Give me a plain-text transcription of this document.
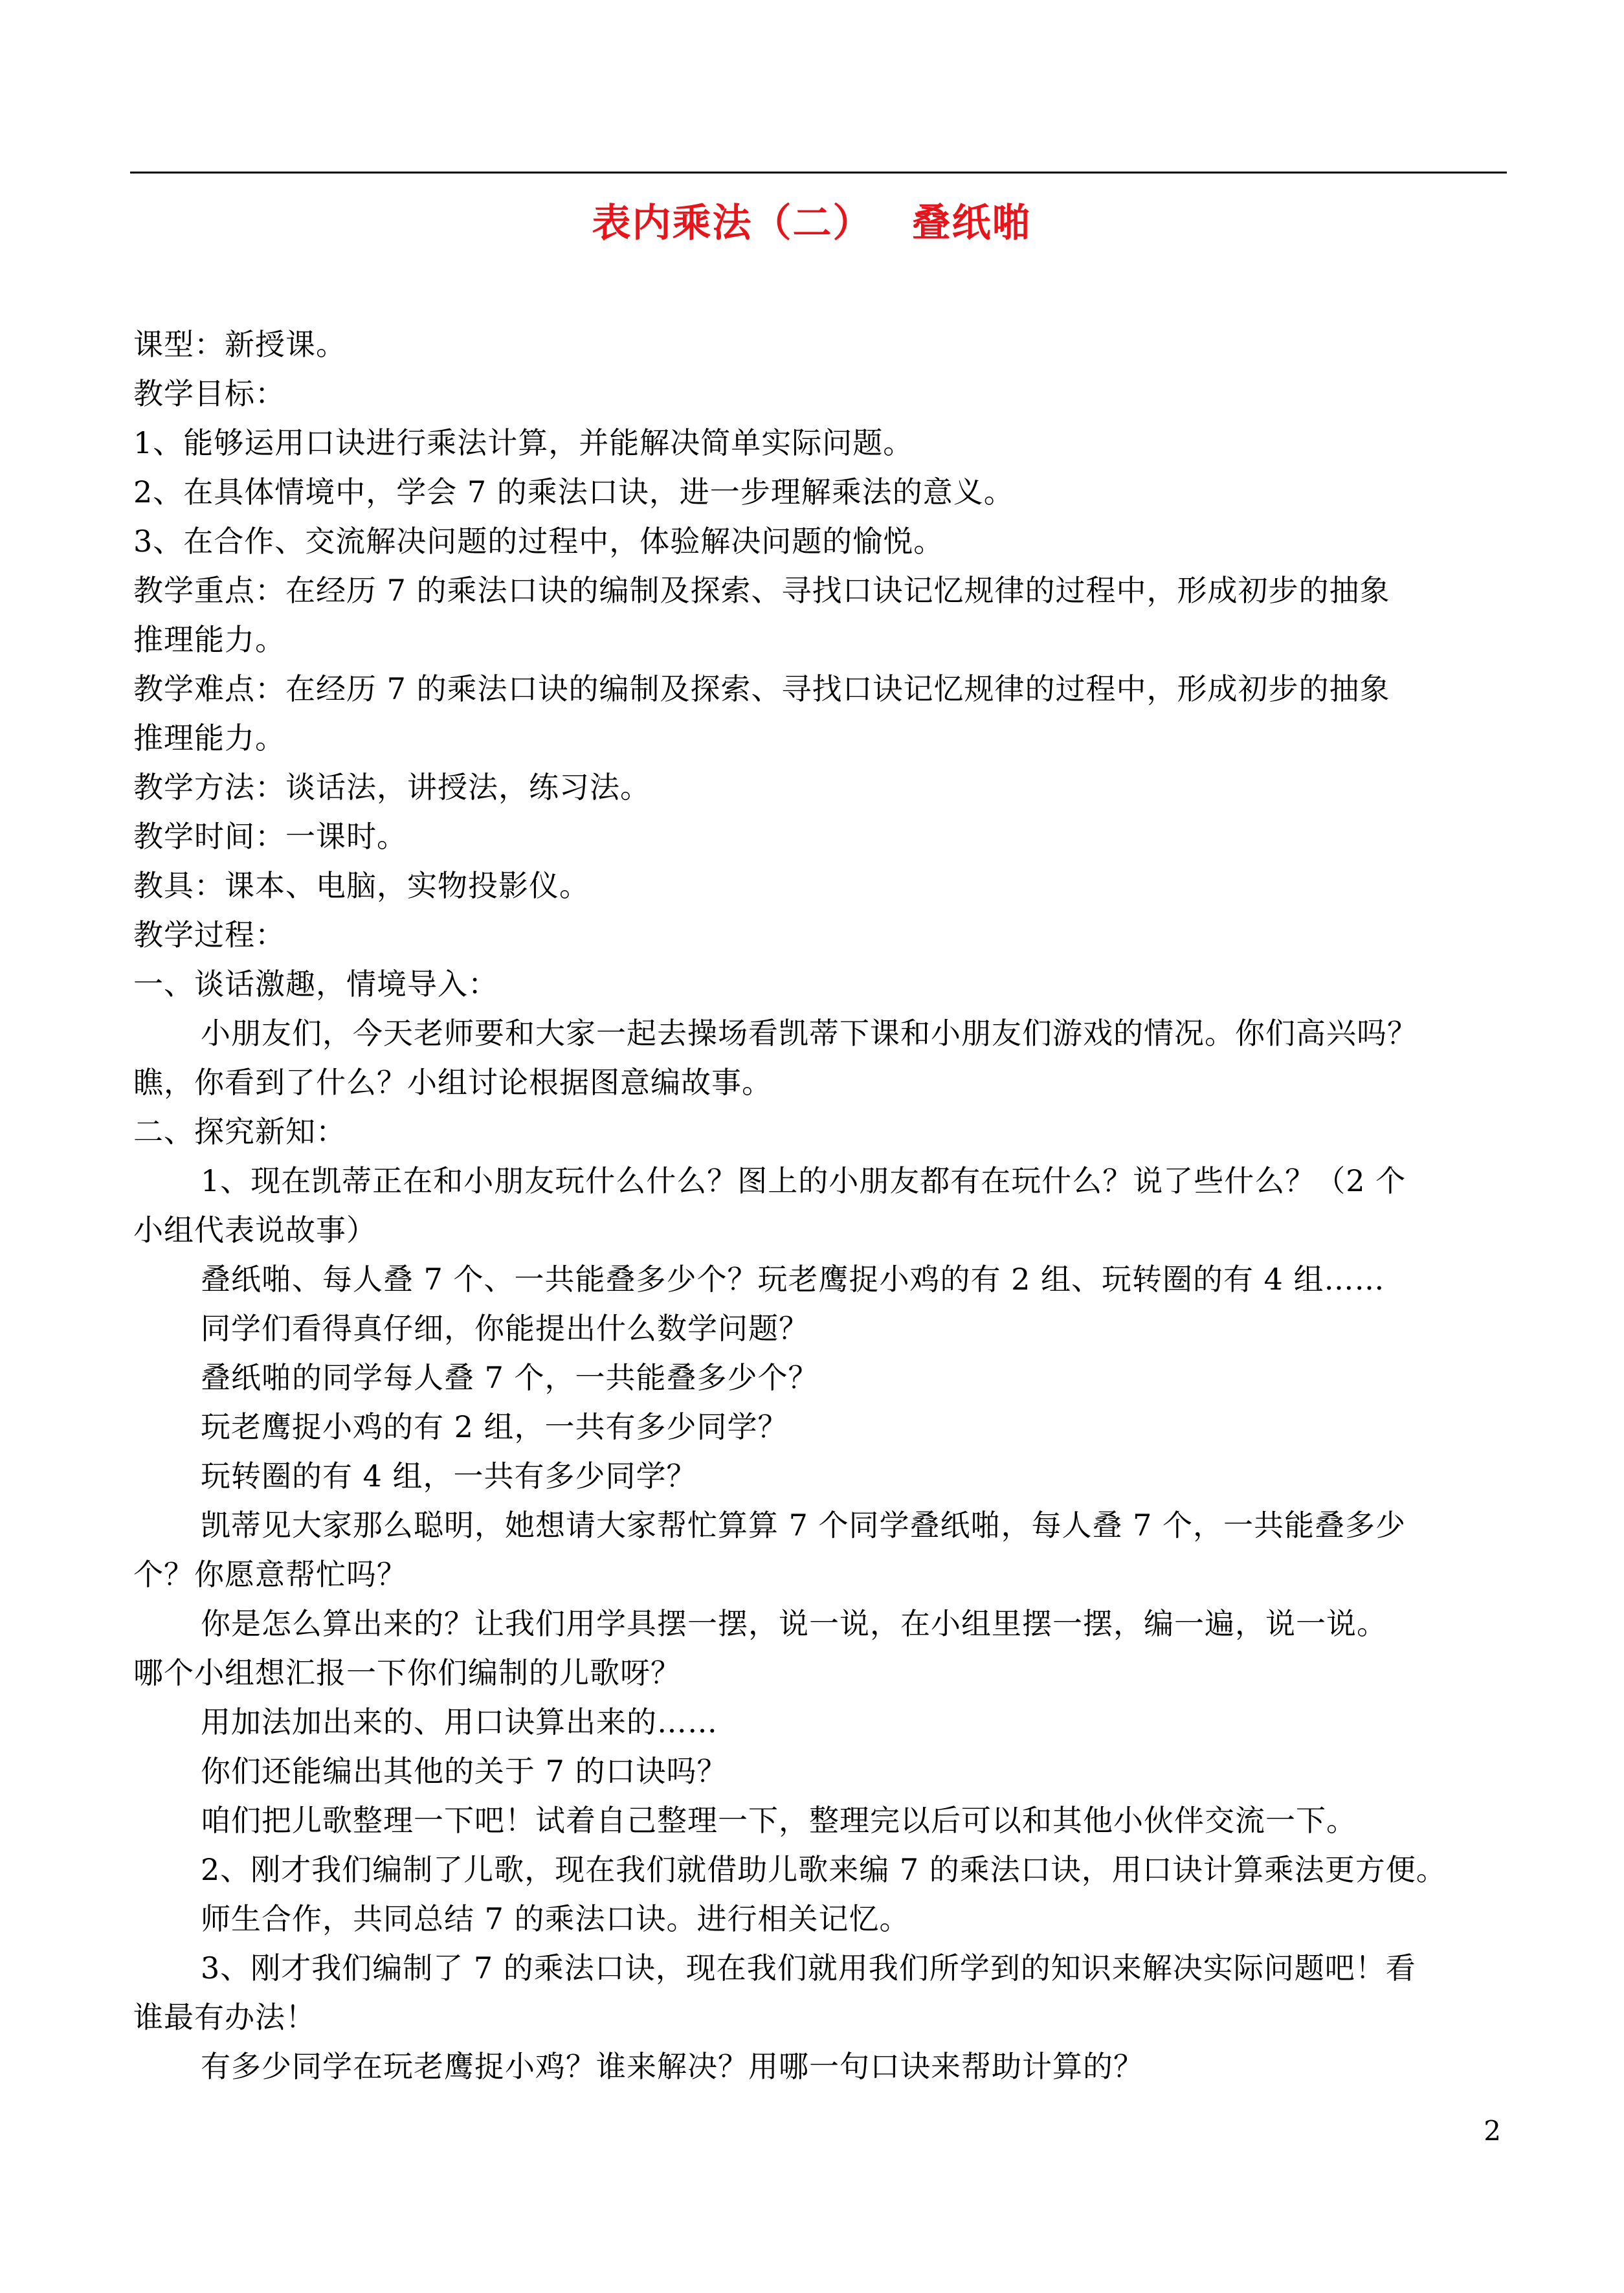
表内乘法（二） 叠纸啪
课型：新授课。
教学目标：
1、能够运用口诀进行乘法计算，并能解决简单实际问题。
2、在具体情境中，学会 7 的乘法口诀，进一步理解乘法的意义。
3、在合作、交流解决问题的过程中，体验解决问题的愉悦。
教学重点：在经历 7 的乘法口诀的编制及探索、寻找口诀记忆规律的过程中，形成初步的抽象
推理能力。
教学难点：在经历 7 的乘法口诀的编制及探索、寻找口诀记忆规律的过程中，形成初步的抽象
推理能力。
教学方法：谈话法，讲授法，练习法。
教学时间：一课时。
教具：课本、电脑，实物投影仪。
教学过程：
一、谈话激趣，情境导入：
小朋友们，今天老师要和大家一起去操场看凯蒂下课和小朋友们游戏的情况。你们高兴吗？
瞧，你看到了什么？小组讨论根据图意编故事。
二、探究新知：
1、现在凯蒂正在和小朋友玩什么什么？图上的小朋友都有在玩什么？说了些什么？（2 个
小组代表说故事）
叠纸啪、每人叠 7 个、一共能叠多少个？玩老鹰捉小鸡的有 2 组、玩转圈的有 4 组……
同学们看得真仔细，你能提出什么数学问题？
叠纸啪的同学每人叠 7 个，一共能叠多少个？
玩老鹰捉小鸡的有 2 组，一共有多少同学？
玩转圈的有 4 组，一共有多少同学？
凯蒂见大家那么聪明，她想请大家帮忙算算 7 个同学叠纸啪，每人叠 7 个，一共能叠多少
个？你愿意帮忙吗？
你是怎么算出来的？让我们用学具摆一摆，说一说，在小组里摆一摆，编一遍，说一说。
哪个小组想汇报一下你们编制的儿歌呀？
用加法加出来的、用口诀算出来的……
你们还能编出其他的关于 7 的口诀吗？
咱们把儿歌整理一下吧！试着自己整理一下，整理完以后可以和其他小伙伴交流一下。
2、刚才我们编制了儿歌，现在我们就借助儿歌来编 7 的乘法口诀，用口诀计算乘法更方便。
师生合作，共同总结 7 的乘法口诀。进行相关记忆。
3、刚才我们编制了 7 的乘法口诀，现在我们就用我们所学到的知识来解决实际问题吧！看
谁最有办法！
有多少同学在玩老鹰捉小鸡？谁来解决？用哪一句口诀来帮助计算的？
2
